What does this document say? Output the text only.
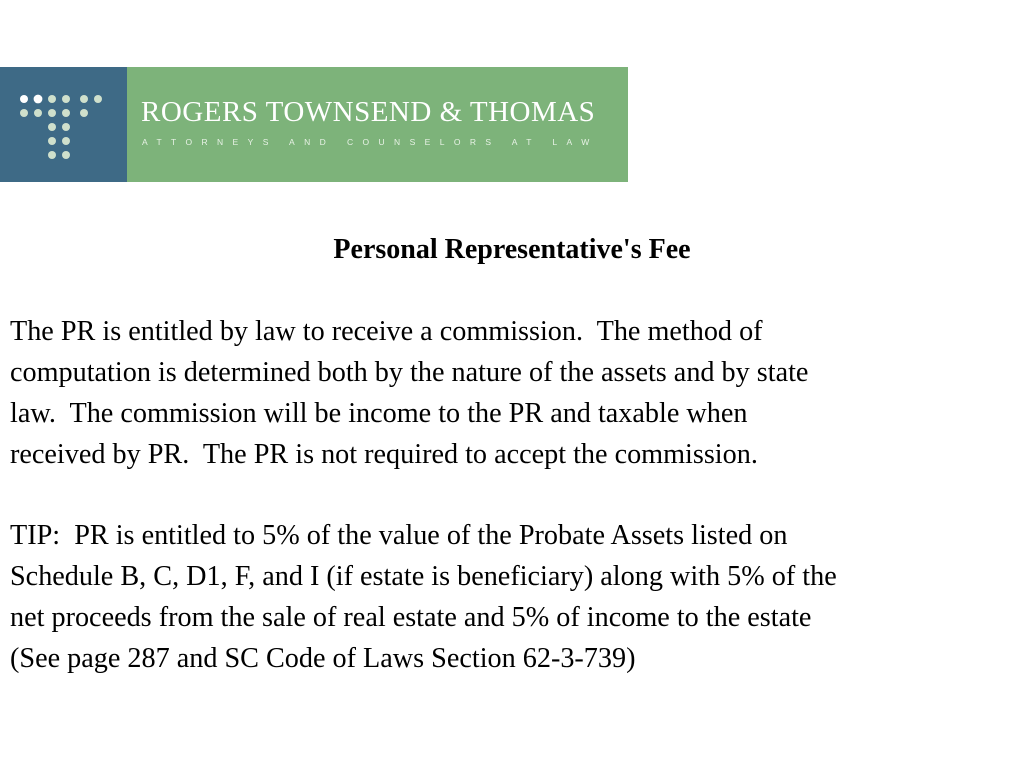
ROGERS TOWNSEND & THOMAS
ATTORNEYS AND COUNSELORS AT LAW
Personal Representative's Fee

The PR is entitled by law to receive a commission.  The method of
computation is determined both by the nature of the assets and by state
law.  The commission will be income to the PR and taxable when
received by PR.  The PR is not required to accept the commission.

TIP:  PR is entitled to 5% of the value of the Probate Assets listed on
Schedule B, C, D1, F, and I (if estate is beneficiary) along with 5% of the
net proceeds from the sale of real estate and 5% of income to the estate
(See page 287 and SC Code of Laws Section 62-3-739)
